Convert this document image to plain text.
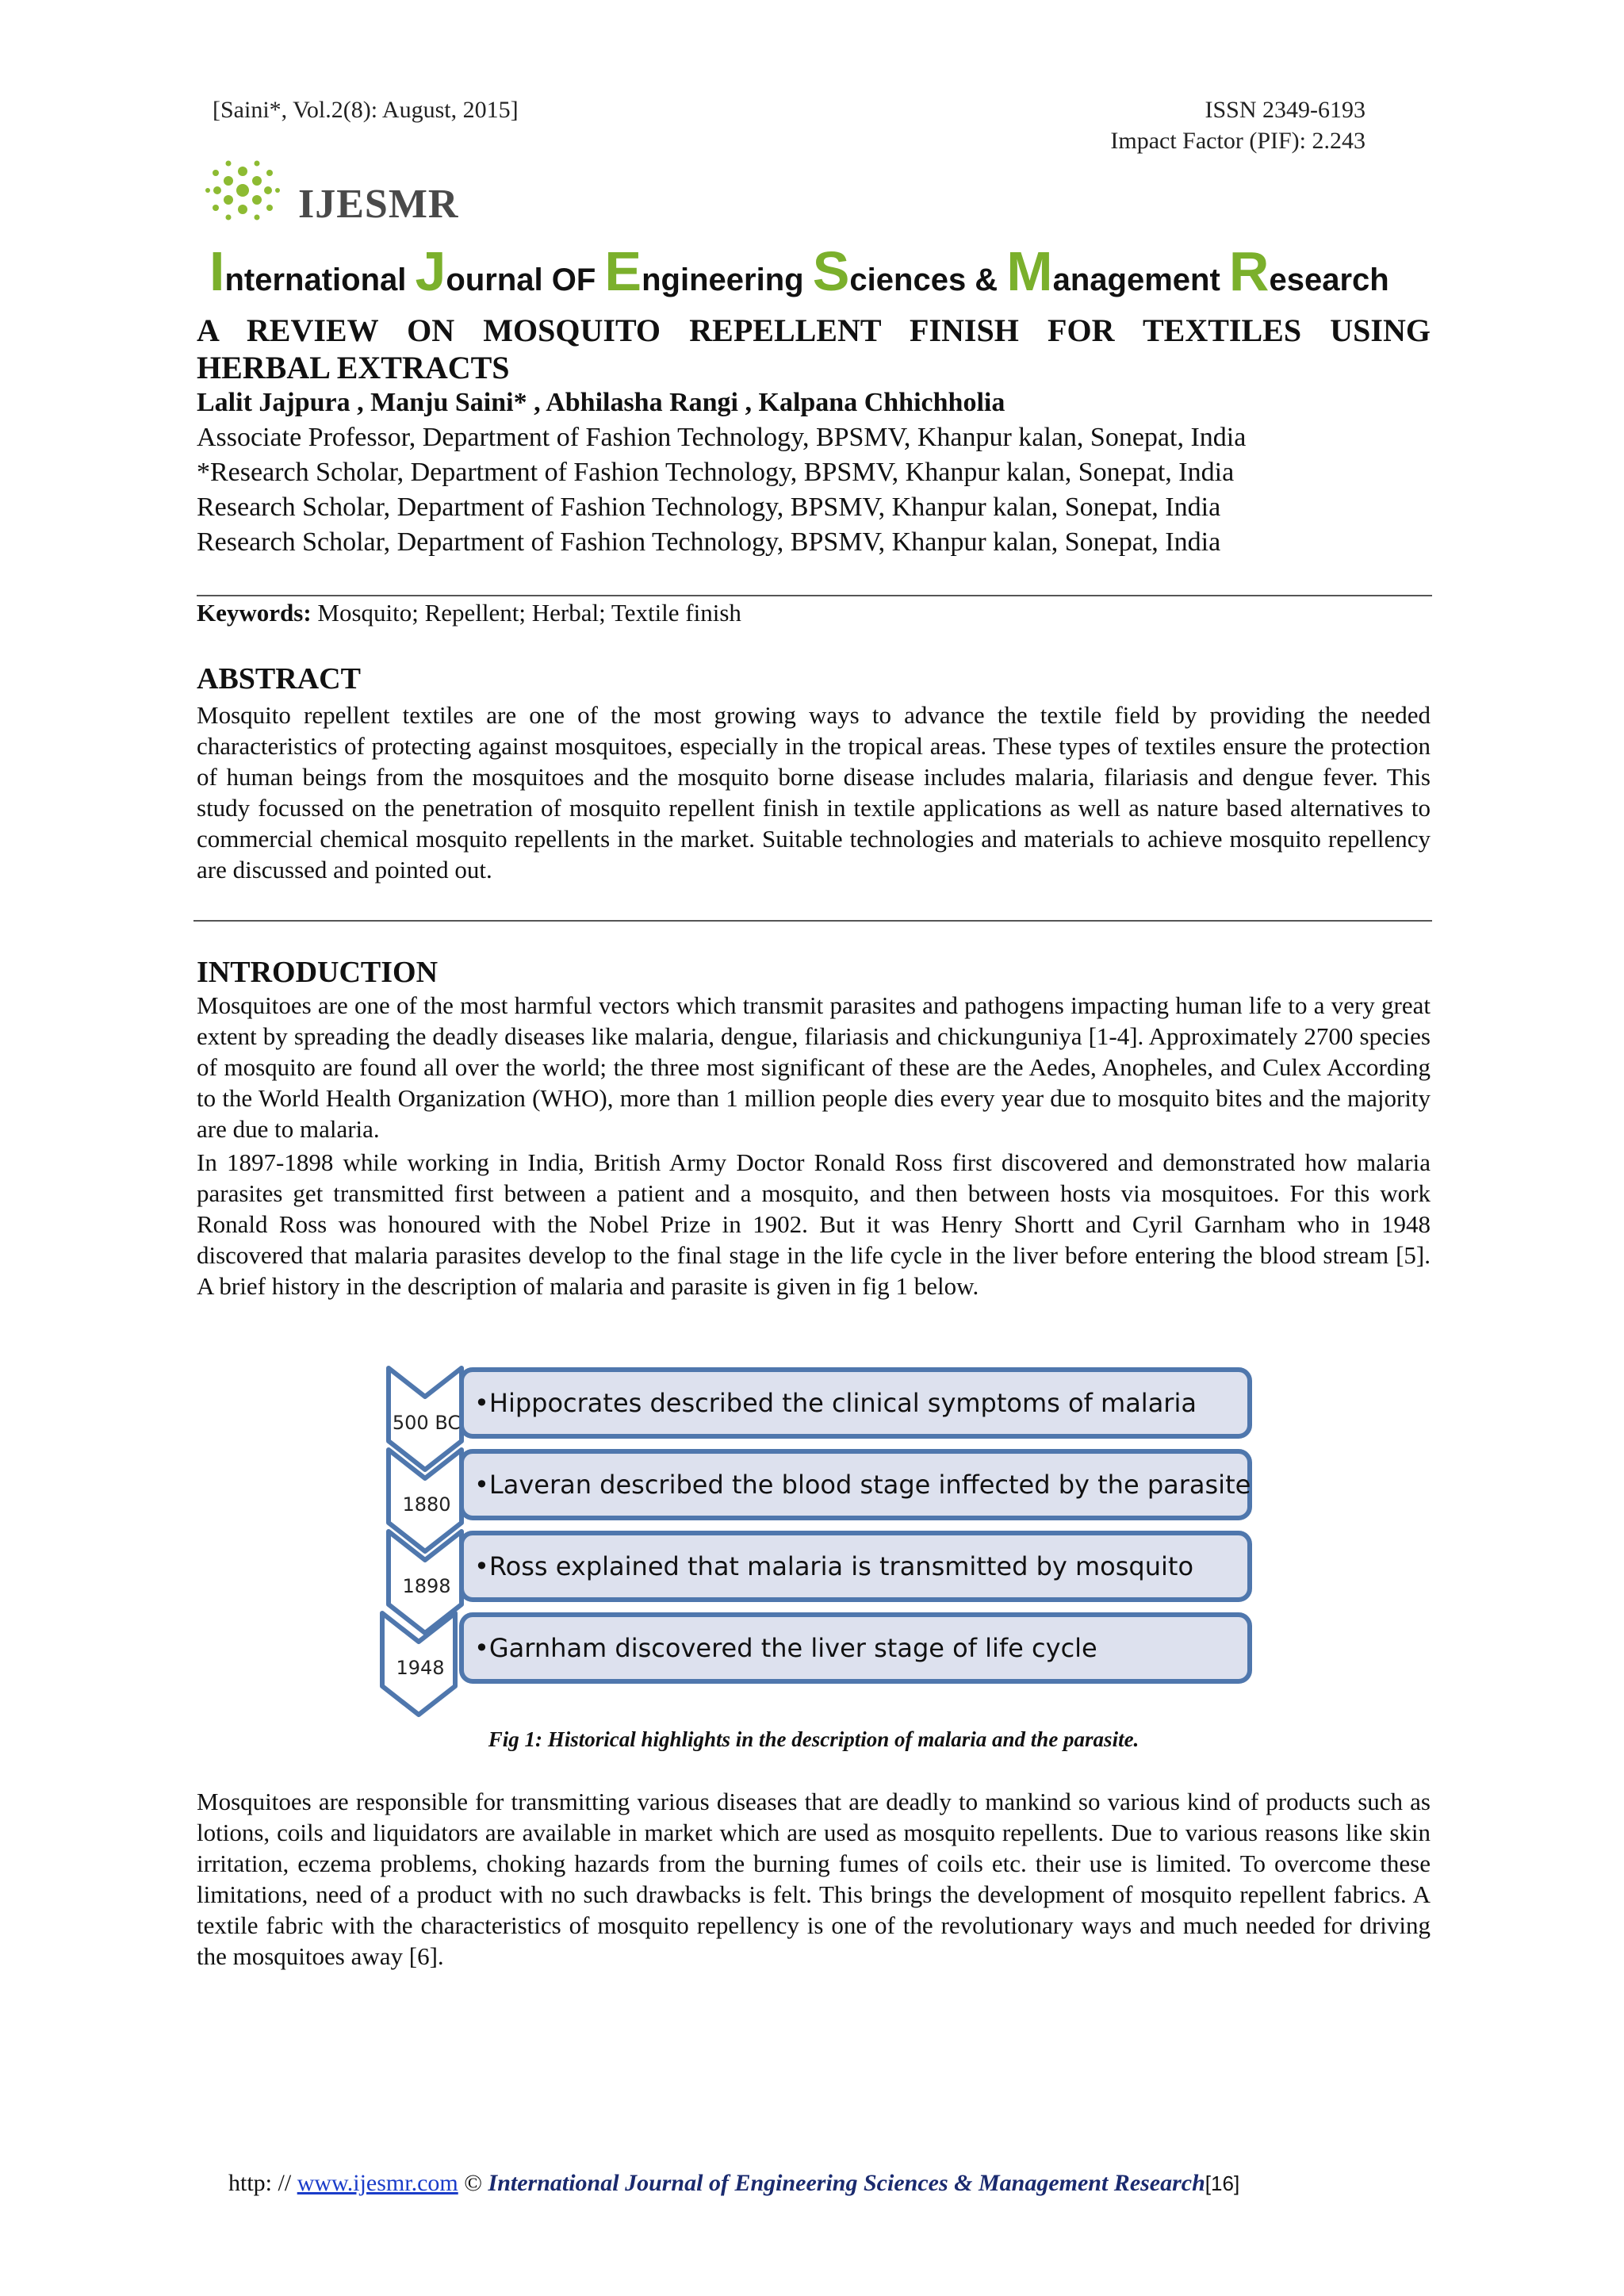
[Saini*, Vol.2(8): August, 2015]	ISSN 2349-6193
Impact Factor (PIF): 2.243
IJESMR
International Journal OF Engineering Sciences & Management Research
A REVIEW ON MOSQUITO REPELLENT FINISH FOR TEXTILES USING
HERBAL EXTRACTS
Lalit Jajpura , Manju Saini* , Abhilasha Rangi , Kalpana Chhichholia
Associate Professor, Department of Fashion Technology, BPSMV, Khanpur kalan, Sonepat, India
*Research Scholar, Department of Fashion Technology, BPSMV, Khanpur kalan, Sonepat, India
Research Scholar, Department of Fashion Technology, BPSMV, Khanpur kalan, Sonepat, India
Research Scholar, Department of Fashion Technology, BPSMV, Khanpur kalan, Sonepat, India
Keywords: Mosquito; Repellent; Herbal; Textile finish
ABSTRACT
Mosquito repellent textiles are one of the most growing ways to advance the textile field by providing the needed characteristics of protecting against mosquitoes, especially in the tropical areas. These types of textiles ensure the protection of human beings from the mosquitoes and the mosquito borne disease includes malaria, filariasis and dengue fever. This study focussed on the penetration of mosquito repellent finish in textile applications as well as nature based alternatives to commercial chemical mosquito repellents in the market. Suitable technologies and materials to achieve mosquito repellency are discussed and pointed out.
INTRODUCTION
Mosquitoes are one of the most harmful vectors which transmit parasites and pathogens impacting human life to a very great extent by spreading the deadly diseases like malaria, dengue, filariasis and chickunguniya [1-4]. Approximately 2700 species of mosquito are found all over the world; the three most significant of these are the Aedes, Anopheles, and Culex According to the World Health Organization (WHO), more than 1 million people dies every year due to mosquito bites and the majority are due to malaria.
In 1897-1898 while working in India, British Army Doctor Ronald Ross first discovered and demonstrated how malaria parasites get transmitted first between a patient and a mosquito, and then between hosts via mosquitoes. For this work Ronald Ross was honoured with the Nobel Prize in 1902. But it was Henry Shortt and Cyril Garnham who in 1948 discovered that malaria parasites develop to the final stage in the life cycle in the liver before entering the blood stream [5]. A brief history in the description of malaria and parasite is given in fig 1 below.
500 BC
•Hippocrates described the clinical symptoms of malaria
1880
•Laveran described the blood stage inffected by the parasite
1898
•Ross explained that malaria is transmitted by mosquito
1948
•Garnham discovered the liver stage of life cycle
Fig 1: Historical highlights in the description of malaria and the parasite.
Mosquitoes are responsible for transmitting various diseases that are deadly to mankind so various kind of products such as lotions, coils and liquidators are available in market which are used as mosquito repellents. Due to various reasons like skin irritation, eczema problems, choking hazards from the burning fumes of coils etc. their use is limited. To overcome these limitations, need of a product with no such drawbacks is felt. This brings the development of mosquito repellent fabrics. A textile fabric with the characteristics of mosquito repellency is one of the revolutionary ways and much needed for driving the mosquitoes away [6].
http: // www.ijesmr.com © International Journal of Engineering Sciences & Management Research[16]
